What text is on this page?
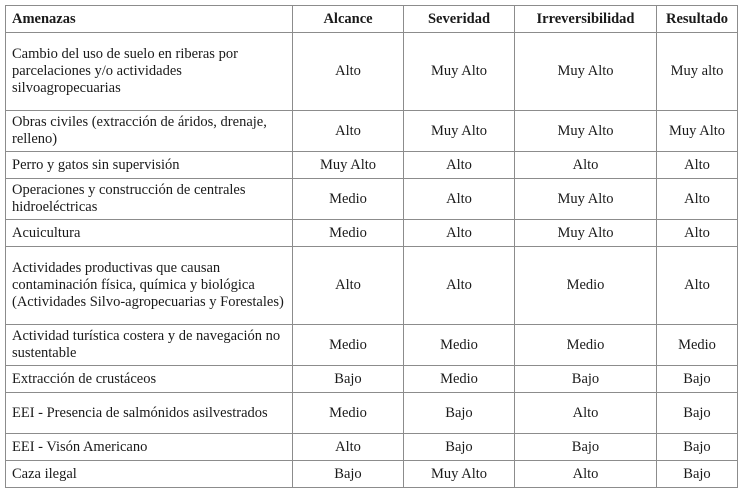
Amenazas	Alcance	Severidad	Irreversibilidad	Resultado
Cambio del uso de suelo en riberas por parcelaciones y/o actividades silvoagropecuarias	Alto	Muy Alto	Muy Alto	Muy alto
Obras civiles (extracción de áridos, drenaje, relleno)	Alto	Muy Alto	Muy Alto	Muy Alto
Perro y gatos sin supervisión	Muy Alto	Alto	Alto	Alto
Operaciones y construcción de centrales hidroeléctricas	Medio	Alto	Muy Alto	Alto
Acuicultura	Medio	Alto	Muy Alto	Alto
Actividades productivas que causan contaminación física, química y biológica (Actividades Silvo-agropecuarias y Forestales)	Alto	Alto	Medio	Alto
Actividad turística costera y de navegación no sustentable	Medio	Medio	Medio	Medio
Extracción de crustáceos	Bajo	Medio	Bajo	Bajo
EEI - Presencia de salmónidos asilvestrados	Medio	Bajo	Alto	Bajo
EEI - Visón Americano	Alto	Bajo	Bajo	Bajo
Caza ilegal	Bajo	Muy Alto	Alto	Bajo
